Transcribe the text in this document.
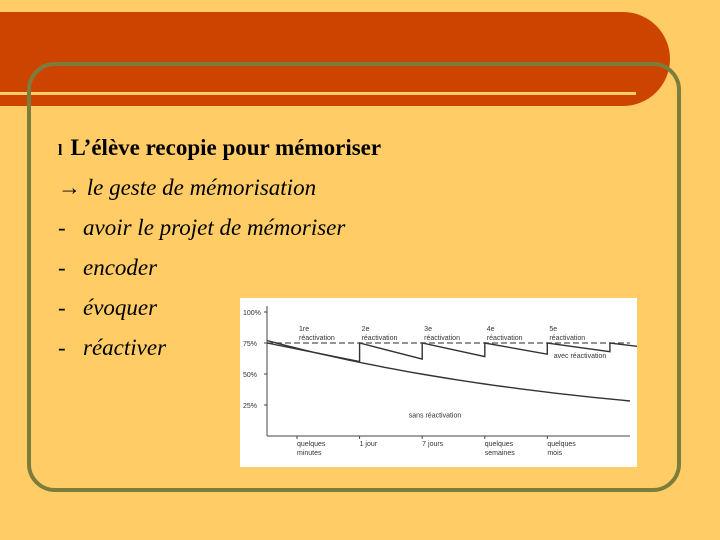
l L’élève recopie pour mémoriser
→ le geste de mémorisation
- avoir le projet de mémoriser
- encoder
- évoquer
- réactiver
100%
75%
50%
25%
quelques
minutes
1 jour	7 jours	quelques
semaines
quelques
mois
1re
réactivation
2e
réactivation
3e
réactivation
4e
réactivation
5e
réactivation
avec réactivation
sans réactivation
